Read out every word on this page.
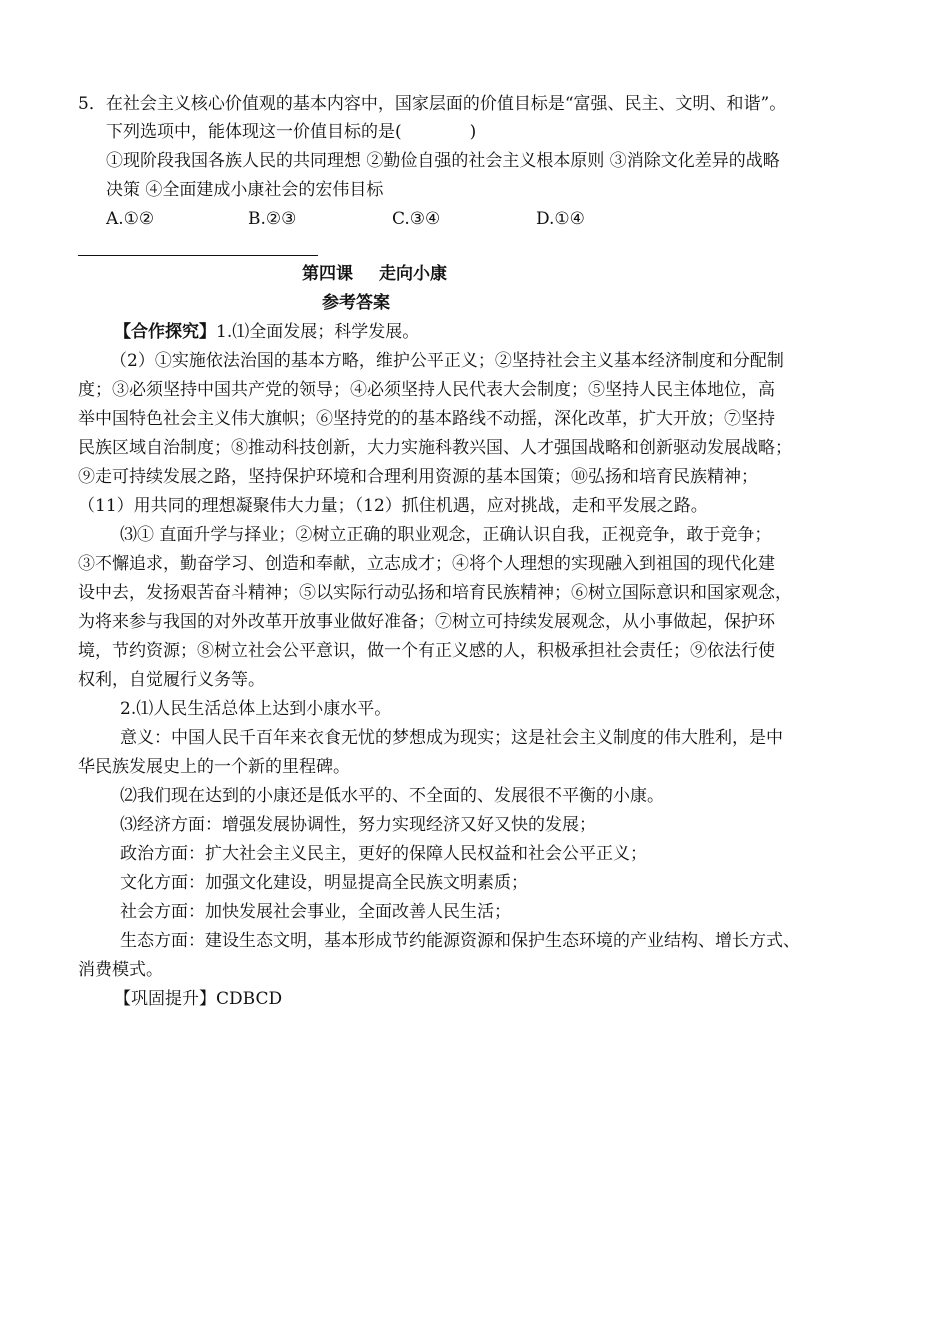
5．在社会主义核心价值观的基本内容中，国家层面的价值目标是“富强、民主、文明、和谐”。
下列选项中，能体现这一价值目标的是(　　　　)
①现阶段我国各族人民的共同理想 ②勤俭自强的社会主义根本原则 ③消除文化差异的战略
决策 ④全面建成小康社会的宏伟目标
A.①②	B.②③	C.③④	D.①④
第四课 走向小康
参考答案
【合作探究】1.⑴全面发展；科学发展。
（2）①实施依法治国的基本方略，维护公平正义；②坚持社会主义基本经济制度和分配制
度；③必须坚持中国共产党的领导；④必须坚持人民代表大会制度；⑤坚持人民主体地位，高
举中国特色社会主义伟大旗帜；⑥坚持党的的基本路线不动摇，深化改革，扩大开放；⑦坚持
民族区域自治制度；⑧推动科技创新，大力实施科教兴国、人才强国战略和创新驱动发展战略；
⑨走可持续发展之路，坚持保护环境和合理利用资源的基本国策；⑩弘扬和培育民族精神；
（11）用共同的理想凝聚伟大力量；（12）抓住机遇，应对挑战，走和平发展之路。
⑶① 直面升学与择业；②树立正确的职业观念，正确认识自我，正视竞争，敢于竞争；
③不懈追求，勤奋学习、创造和奉献，立志成才；④将个人理想的实现融入到祖国的现代化建
设中去，发扬艰苦奋斗精神；⑤以实际行动弘扬和培育民族精神；⑥树立国际意识和国家观念，
为将来参与我国的对外改革开放事业做好准备；⑦树立可持续发展观念，从小事做起，保护环
境，节约资源；⑧树立社会公平意识，做一个有正义感的人，积极承担社会责任；⑨依法行使
权利，自觉履行义务等。
2.⑴人民生活总体上达到小康水平。
意义：中国人民千百年来衣食无忧的梦想成为现实；这是社会主义制度的伟大胜利，是中
华民族发展史上的一个新的里程碑。
⑵我们现在达到的小康还是低水平的、不全面的、发展很不平衡的小康。
⑶经济方面：增强发展协调性，努力实现经济又好又快的发展；
政治方面：扩大社会主义民主，更好的保障人民权益和社会公平正义；
文化方面：加强文化建设，明显提高全民族文明素质；
社会方面：加快发展社会事业，全面改善人民生活；
生态方面：建设生态文明，基本形成节约能源资源和保护生态环境的产业结构、增长方式、
消费模式。
【巩固提升】CDBCD
